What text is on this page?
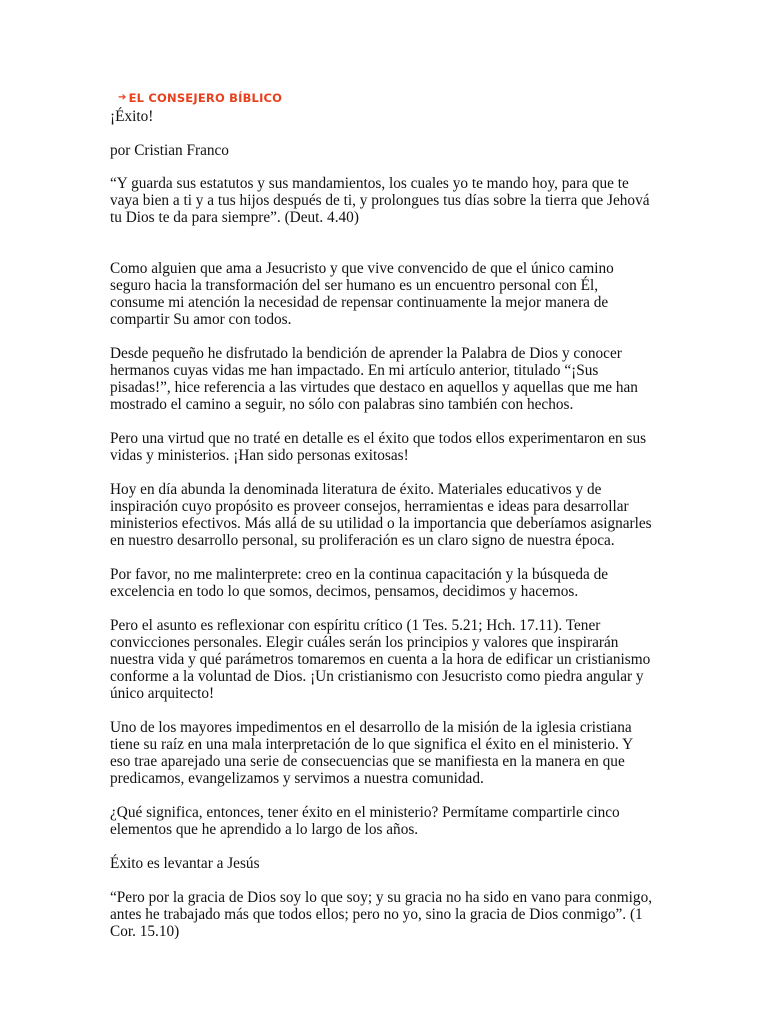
➔ EL CONSEJERO BÍBLICO

¡Éxito!

por Cristian Franco

“Y guarda sus estatutos y sus mandamientos, los cuales yo te mando hoy, para que te
vaya bien a ti y a tus hijos después de ti, y prolongues tus días sobre la tierra que Jehová
tu Dios te da para siempre”. (Deut. 4.40)

Como alguien que ama a Jesucristo y que vive convencido de que el único camino
seguro hacia la transformación del ser humano es un encuentro personal con Él,
consume mi atención la necesidad de repensar continuamente la mejor manera de
compartir Su amor con todos.

Desde pequeño he disfrutado la bendición de aprender la Palabra de Dios y conocer
hermanos cuyas vidas me han impactado. En mi artículo anterior, titulado “¡Sus
pisadas!”, hice referencia a las virtudes que destaco en aquellos y aquellas que me han
mostrado el camino a seguir, no sólo con palabras sino también con hechos.

Pero una virtud que no traté en detalle es el éxito que todos ellos experimentaron en sus
vidas y ministerios. ¡Han sido personas exitosas!

Hoy en día abunda la denominada literatura de éxito. Materiales educativos y de
inspiración cuyo propósito es proveer consejos, herramientas e ideas para desarrollar
ministerios efectivos. Más allá de su utilidad o la importancia que deberíamos asignarles
en nuestro desarrollo personal, su proliferación es un claro signo de nuestra época.

Por favor, no me malinterprete: creo en la continua capacitación y la búsqueda de
excelencia en todo lo que somos, decimos, pensamos, decidimos y hacemos.

Pero el asunto es reflexionar con espíritu crítico (1 Tes. 5.21; Hch. 17.11). Tener
convicciones personales. Elegir cuáles serán los principios y valores que inspirarán
nuestra vida y qué parámetros tomaremos en cuenta a la hora de edificar un cristianismo
conforme a la voluntad de Dios. ¡Un cristianismo con Jesucristo como piedra angular y
único arquitecto!

Uno de los mayores impedimentos en el desarrollo de la misión de la iglesia cristiana
tiene su raíz en una mala interpretación de lo que significa el éxito en el ministerio. Y
eso trae aparejado una serie de consecuencias que se manifiesta en la manera en que
predicamos, evangelizamos y servimos a nuestra comunidad.

¿Qué significa, entonces, tener éxito en el ministerio? Permítame compartirle cinco
elementos que he aprendido a lo largo de los años.

Éxito es levantar a Jesús

“Pero por la gracia de Dios soy lo que soy; y su gracia no ha sido en vano para conmigo,
antes he trabajado más que todos ellos; pero no yo, sino la gracia de Dios conmigo”. (1
Cor. 15.10)
